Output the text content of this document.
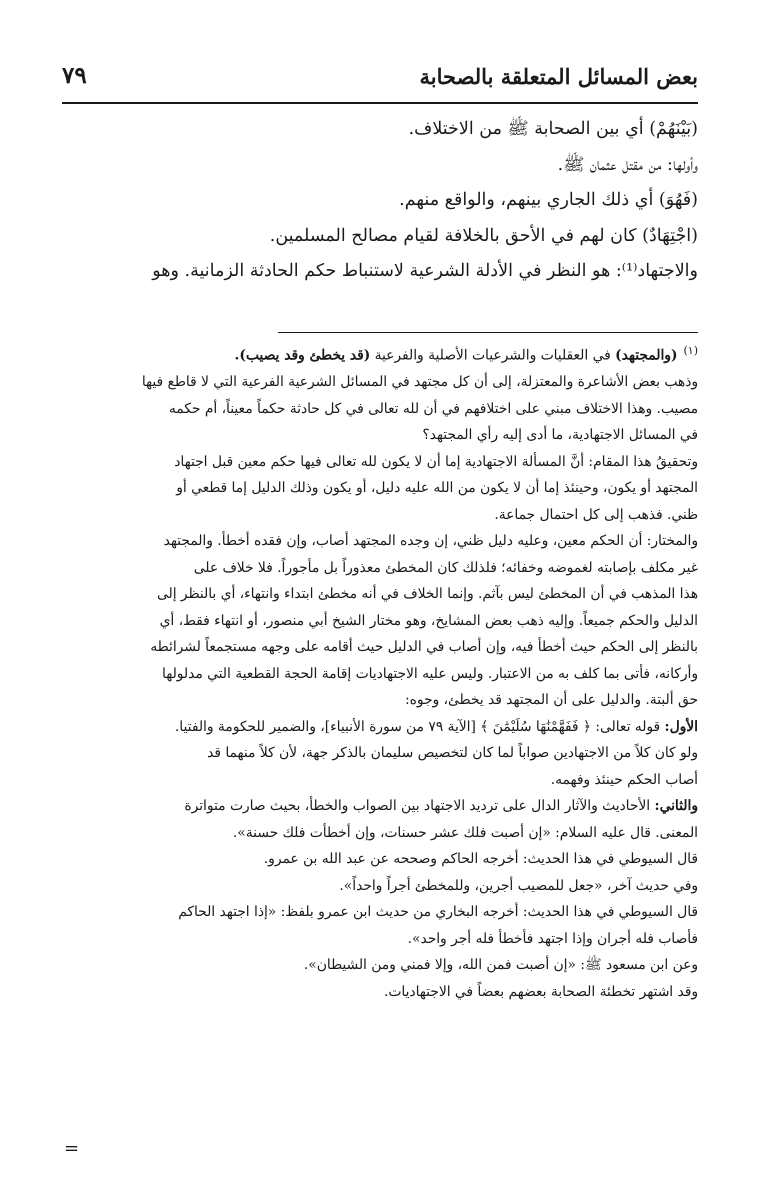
بعض المسائل المتعلقة بالصحابة
٧٩

(بَيْنَهُمْ) أي بين الصحابة ﷺ من الاختلاف.

وأولها: من مقتل عثمان ﷺ.

(فَهُوَ) أي ذلك الجاري بينهم، والواقع منهم.

(اجْتِهَادٌ) كان لهم في الأحق بالخلافة لقيام مصالح المسلمين.

والاجتهاد⁽¹⁾: هو النظر في الأدلة الشرعية لاستنباط حكم الحادثة الزمانية. وهو

$^{(١)}$(والمجتهد) في العقليات والشرعيات الأصلية والفرعية (قد يخطئ وقد يصيب).

وذهب بعض الأشاعرة والمعتزلة، إلى أن كل مجتهد في المسائل الشرعية الفرعية التي لا قاطع فيها
مصيب. وهذا الاختلاف مبني على اختلافهم في أن لله تعالى في كل حادثة حكماً معيناً، أم حكمه
في المسائل الاجتهادية، ما أدى إليه رأي المجتهد؟
وتحقيقُ هذا المقام: أنَّ المسألة الاجتهادية إما أن لا يكون لله تعالى فيها حكم معين قبل اجتهاد
المجتهد أو يكون، وحينئذ إما أن لا يكون من الله عليه دليل، أو يكون وذلك الدليل إما قطعي أو
ظني. فذهب إلى كل احتمال جماعة.
والمختار: أن الحكم معين، وعليه دليل ظني، إن وجده المجتهد أصاب، وإن فقده أخطأ. والمجتهد
غير مكلف بإصابته لغموضه وخفائه؛ فلذلك كان المخطئ معذوراً بل مأجوراً. فلا خلاف على
هذا المذهب في أن المخطئ ليس بآثم. وإنما الخلاف في أنه مخطئ ابتداء وانتهاء، أي بالنظر إلى
الدليل والحكم جميعاً. وإليه ذهب بعض المشايخ، وهو مختار الشيخ أبي منصور، أو انتهاء فقط، أي
بالنظر إلى الحكم حيث أخطأ فيه، وإن أصاب في الدليل حيث أقامه على وجهه مستجمعاً لشرائطه
وأركانه، فأتى بما كلف به من الاعتبار. وليس عليه الاجتهاديات إقامة الحجة القطعية التي مدلولها
حق ألبتة. والدليل على أن المجتهد قد يخطئ، وجوه:
الأول: قوله تعالى: ﴿ فَفَهَّمْنَٰهَا سُلَيْمَٰنَ ﴾ [الآية ٧٩ من سورة الأنبياء]، والضمير للحكومة والفتيا.
ولو كان كلاً من الاجتهادين صواباً لما كان لتخصيص سليمان بالذكر جهة، لأن كلاً منهما قد
أصاب الحكم حينئذ وفهمه.
والثاني: الأحاديث والآثار الدال على ترديد الاجتهاد بين الصواب والخطأ، بحيث صارت متواترة
المعنى. قال عليه السلام: «إن أصبت فلك عشر حسنات، وإن أخطأت فلك حسنة».
قال السيوطي في هذا الحديث: أخرجه الحاكم وصححه عن عبد الله بن عمرو.
وفي حديث آخر، «جعل للمصيب أجرين، وللمخطئ أجراً واحداً».
قال السيوطي في هذا الحديث: أخرجه البخاري من حديث ابن عمرو بلفظ: «إذا اجتهد الحاكم
فأصاب فله أجران وإذا اجتهد فأخطأ فله أجر واحد».
وعن ابن مسعود ﷺ: «إن أصبت فمن الله، وإلا فمني ومن الشيطان».
وقد اشتهر تخطئة الصحابة بعضهم بعضاً في الاجتهاديات.

=
